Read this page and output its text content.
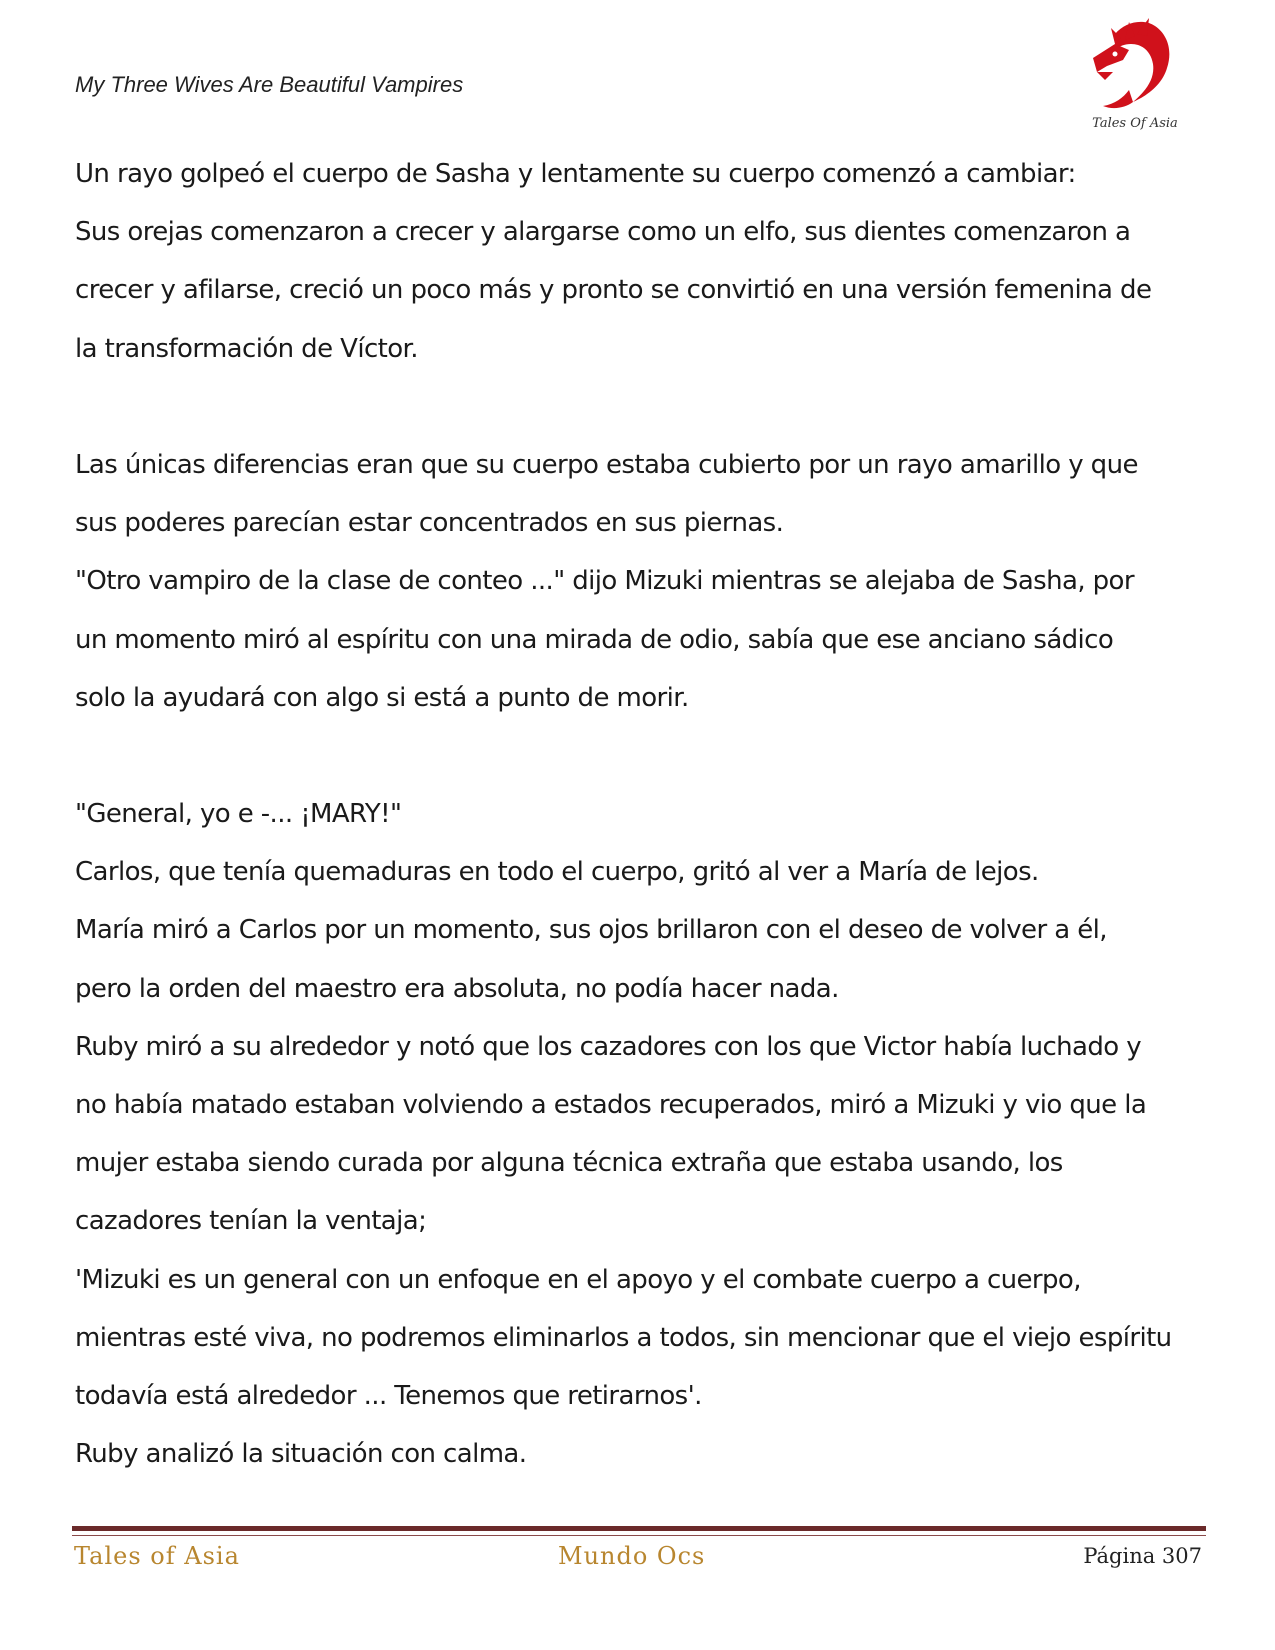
My Three Wives Are Beautiful Vampires
Tales Of Asia
Un rayo golpeó el cuerpo de Sasha y lentamente su cuerpo comenzó a cambiar:
Sus orejas comenzaron a crecer y alargarse como un elfo, sus dientes comenzaron a
crecer y afilarse, creció un poco más y pronto se convirtió en una versión femenina de
la transformación de Víctor.
Las únicas diferencias eran que su cuerpo estaba cubierto por un rayo amarillo y que
sus poderes parecían estar concentrados en sus piernas.
"Otro vampiro de la clase de conteo ..." dijo Mizuki mientras se alejaba de Sasha, por
un momento miró al espíritu con una mirada de odio, sabía que ese anciano sádico
solo la ayudará con algo si está a punto de morir.
"General, yo e -... ¡MARY!"
Carlos, que tenía quemaduras en todo el cuerpo, gritó al ver a María de lejos.
María miró a Carlos por un momento, sus ojos brillaron con el deseo de volver a él,
pero la orden del maestro era absoluta, no podía hacer nada.
Ruby miró a su alrededor y notó que los cazadores con los que Victor había luchado y
no había matado estaban volviendo a estados recuperados, miró a Mizuki y vio que la
mujer estaba siendo curada por alguna técnica extraña que estaba usando, los
cazadores tenían la ventaja;
'Mizuki es un general con un enfoque en el apoyo y el combate cuerpo a cuerpo,
mientras esté viva, no podremos eliminarlos a todos, sin mencionar que el viejo espíritu
todavía está alrededor ... Tenemos que retirarnos'.
Ruby analizó la situación con calma.
Tales of Asia	Mundo Ocs	Página 307
